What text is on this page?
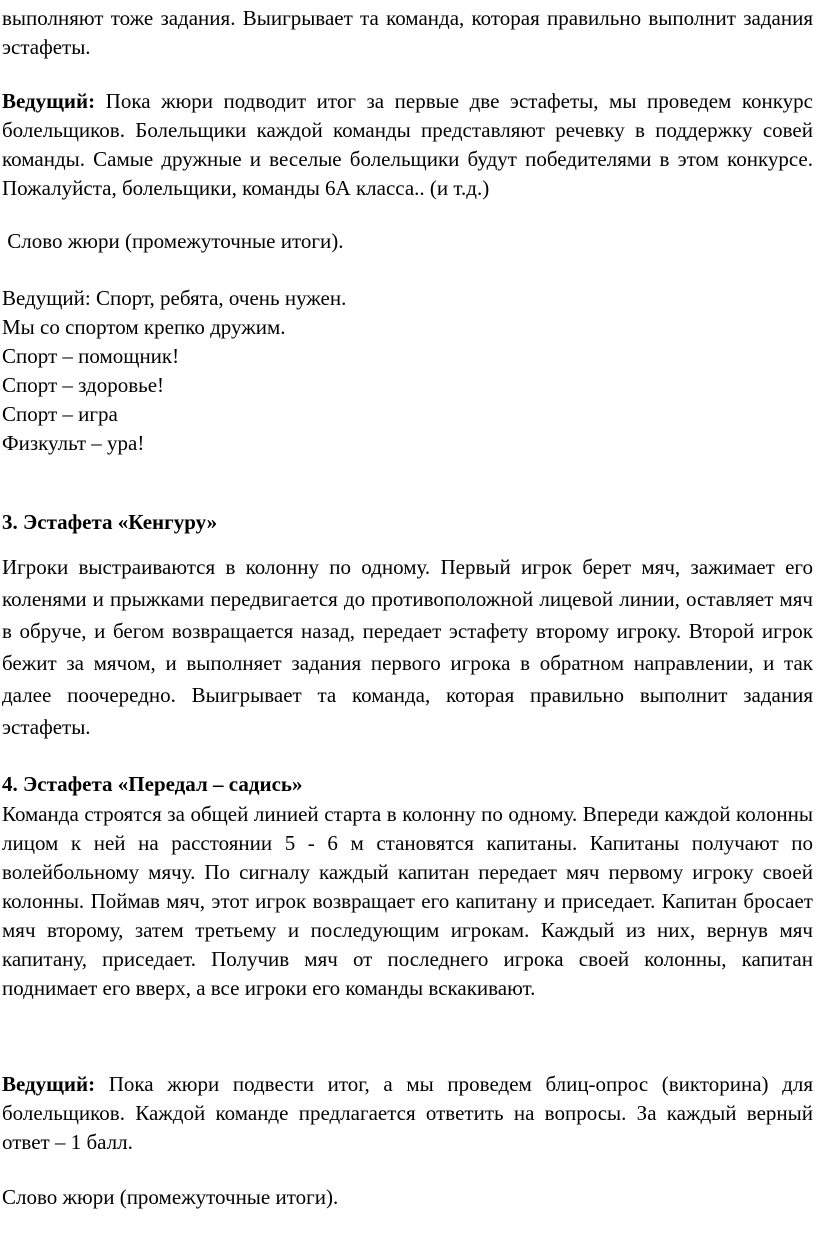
выполняют тоже задания. Выигрывает та команда, которая правильно выполнит задания эстафеты.

Ведущий: Пока жюри подводит итог за первые две эстафеты, мы проведем конкурс болельщиков. Болельщики каждой команды представляют речевку в поддержку совей команды. Самые дружные и веселые болельщики будут победителями в этом конкурсе. Пожалуйста, болельщики, команды 6А класса.. (и т.д.)

Слово жюри (промежуточные итоги).

Ведущий: Спорт, ребята, очень нужен.
Мы со спортом крепко дружим.
Спорт – помощник!
Спорт – здоровье!
Спорт – игра
Физкульт – ура!
3. Эстафета «Кенгуру»

Игроки выстраиваются в колонну по одному. Первый игрок берет мяч, зажимает его коленями и прыжками передвигается до противоположной лицевой линии, оставляет мяч в обруче, и бегом возвращается назад, передает эстафету второму игроку. Второй игрок бежит за мячом, и выполняет задания первого игрока в обратном направлении, и так далее поочередно. Выигрывает та команда, которая правильно выполнит задания эстафеты.

4. Эстафета «Передал – садись»

Команда строятся за общей линией старта в колонну по одному. Впереди каждой колонны лицом к ней на расстоянии 5 - 6 м становятся капитаны. Капитаны получают по волейбольному мячу. По сигналу каждый капитан передает мяч первому игроку своей колонны. Поймав мяч, этот игрок возвращает его капитану и приседает. Капитан бросает мяч второму, затем третьему и последующим игрокам. Каждый из них, вернув мяч капитану, приседает. Получив мяч от последнего игрока своей колонны, капитан поднимает его вверх, а все игроки его команды вскакивают.

Ведущий: Пока жюри подвести итог, а мы проведем блиц-опрос (викторина) для болельщиков. Каждой команде предлагается ответить на вопросы. За каждый верный ответ – 1 балл.

Слово жюри (промежуточные итоги).
